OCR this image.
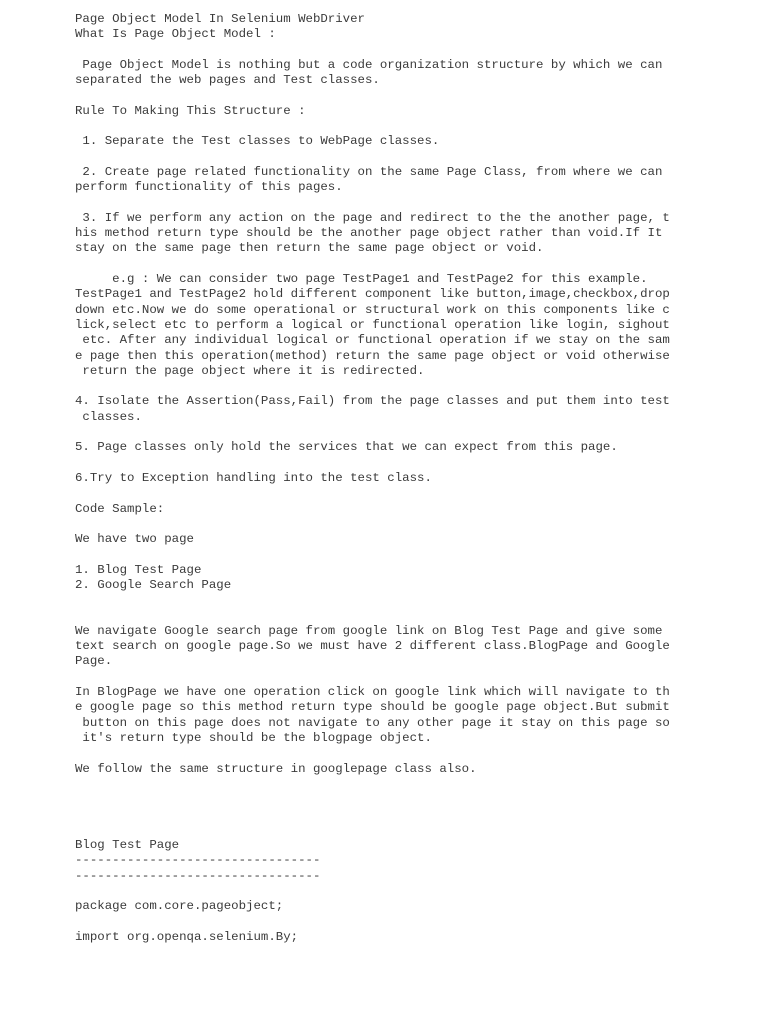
Page Object Model In Selenium WebDriver
What Is Page Object Model :
Page Object Model is nothing but a code organization structure by which we can
separated the web pages and Test classes.
Rule To Making This Structure :
1. Separate the Test classes to WebPage classes.
2. Create page related functionality on the same Page Class, from where we can
perform functionality of this pages.
3. If we perform any action on the page and redirect to the the another page, t
his method return type should be the another page object rather than void.If It
stay on the same page then return the same page object or void.
e.g : We can consider two page TestPage1 and TestPage2 for this example.
TestPage1 and TestPage2 hold different component like button,image,checkbox,drop
down etc.Now we do some operational or structural work on this components like c
lick,select etc to perform a logical or functional operation like login, sighout
etc. After any individual logical or functional operation if we stay on the sam
e page then this operation(method) return the same page object or void otherwise
return the page object where it is redirected.
4. Isolate the Assertion(Pass,Fail) from the page classes and put them into test
classes.
5. Page classes only hold the services that we can expect from this page.
6.Try to Exception handling into the test class.
Code Sample:
We have two page
1. Blog Test Page
2. Google Search Page
We navigate Google search page from google link on Blog Test Page and give some
text search on google page.So we must have 2 different class.BlogPage and Google
Page.
In BlogPage we have one operation click on google link which will navigate to th
e google page so this method return type should be google page object.But submit
button on this page does not navigate to any other page it stay on this page so
it's return type should be the blogpage object.
We follow the same structure in googlepage class also.
Blog Test Page
---------------------------------
---------------------------------
package com.core.pageobject;
import org.openqa.selenium.By;
